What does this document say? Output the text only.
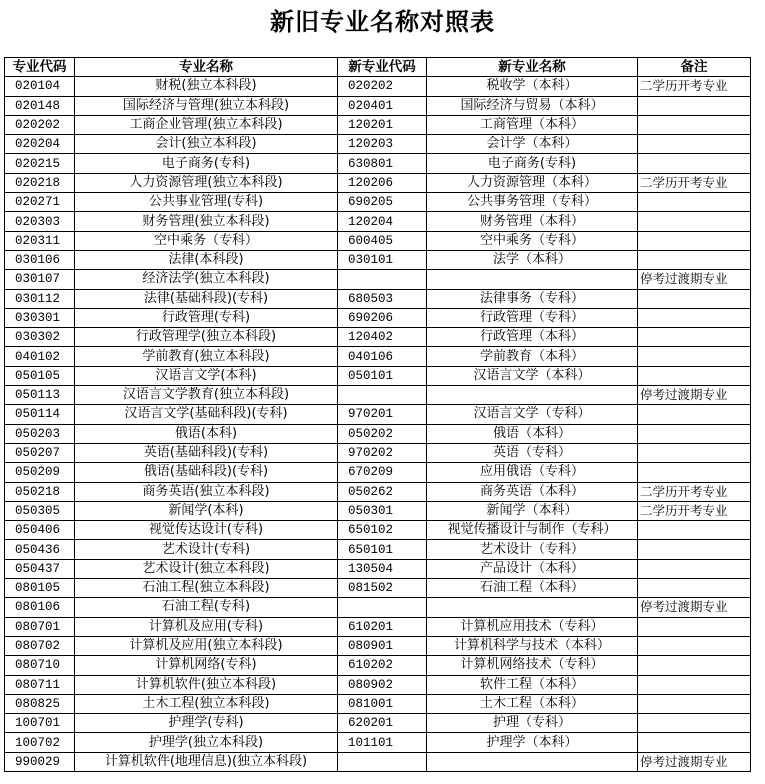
新旧专业名称对照表
专业代码	专业名称	新专业代码	新专业名称	备注
020104	财税(独立本科段)	020202	税收学（本科）	二学历开考专业
020148	国际经济与管理(独立本科段)	020401	国际经济与贸易（本科）	
020202	工商企业管理(独立本科段)	120201	工商管理（本科）	
020204	会计(独立本科段)	120203	会计学（本科）	
020215	电子商务(专科)	630801	电子商务(专科)	
020218	人力资源管理(独立本科段)	120206	人力资源管理（本科）	二学历开考专业
020271	公共事业管理(专科)	690205	公共事务管理（专科）	
020303	财务管理(独立本科段)	120204	财务管理（本科）	
020311	空中乘务（专科）	600405	空中乘务（专科）	
030106	法律(本科段)	030101	法学（本科）	
030107	经济法学(独立本科段)			停考过渡期专业
030112	法律(基础科段)(专科)	680503	法律事务（专科）	
030301	行政管理(专科)	690206	行政管理（专科）	
030302	行政管理学(独立本科段)	120402	行政管理（本科）	
040102	学前教育(独立本科段)	040106	学前教育（本科）	
050105	汉语言文学(本科)	050101	汉语言文学（本科）	
050113	汉语言文学教育(独立本科段)			停考过渡期专业
050114	汉语言文学(基础科段)(专科)	970201	汉语言文学（专科）	
050203	俄语(本科)	050202	俄语（本科）	
050207	英语(基础科段)(专科)	970202	英语（专科）	
050209	俄语(基础科段)(专科)	670209	应用俄语（专科）	
050218	商务英语(独立本科段)	050262	商务英语（本科）	二学历开考专业
050305	新闻学(本科)	050301	新闻学（本科）	二学历开考专业
050406	视觉传达设计(专科)	650102	视觉传播设计与制作（专科）	
050436	艺术设计(专科)	650101	艺术设计（专科）	
050437	艺术设计(独立本科段)	130504	产品设计（本科）	
080105	石油工程(独立本科段)	081502	石油工程（本科）	
080106	石油工程(专科)			停考过渡期专业
080701	计算机及应用(专科)	610201	计算机应用技术（专科）	
080702	计算机及应用(独立本科段)	080901	计算机科学与技术（本科）	
080710	计算机网络(专科)	610202	计算机网络技术（专科）	
080711	计算机软件(独立本科段)	080902	软件工程（本科）	
080825	土木工程(独立本科段)	081001	土木工程（本科）	
100701	护理学(专科)	620201	护理（专科）	
100702	护理学(独立本科段)	101101	护理学（本科）	
990029	计算机软件(地理信息)(独立本科段)			停考过渡期专业
